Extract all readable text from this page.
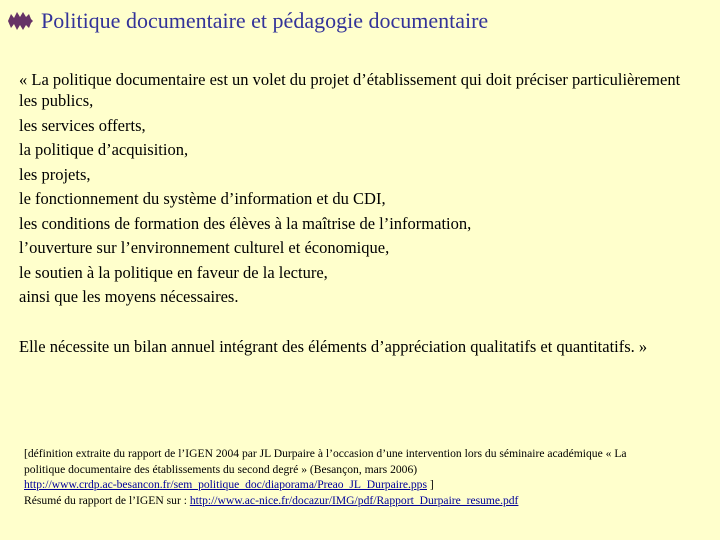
Politique documentaire et pédagogie documentaire

« La politique documentaire est un volet du projet d’établissement qui doit préciser particulièrement

les publics,

les services offerts,

la politique d’acquisition,

les projets,

le fonctionnement du système d’information et du CDI,

les conditions de formation des élèves à la maîtrise de l’information,

l’ouverture sur l’environnement culturel et économique,

le soutien à la politique en faveur de la lecture,

ainsi que les moyens nécessaires.

Elle nécessite un bilan annuel intégrant des éléments d’appréciation qualitatifs et quantitatifs. »

[définition extraite du rapport de l’IGEN 2004 par JL Durpaire à l’occasion d’une intervention lors du séminaire académique « La politique documentaire des établissements du second degré » (Besançon, mars 2006)
http://www.crdp.ac-besancon.fr/sem_politique_doc/diaporama/Preao_JL_Durpaire.pps ]

Résumé du rapport de l’IGEN sur : http://www.ac-nice.fr/docazur/IMG/pdf/Rapport_Durpaire_resume.pdf
